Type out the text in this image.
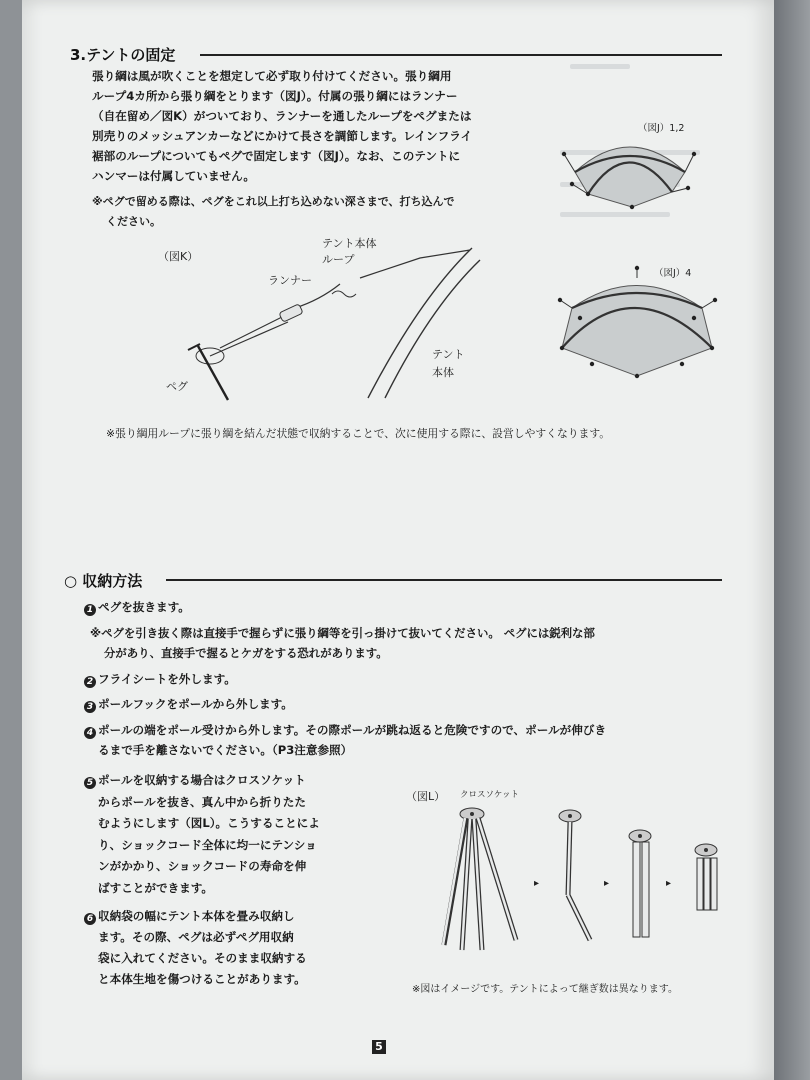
3.テントの固定
張り綱は風が吹くことを想定して必ず取り付けてください。張り綱用
ループ4カ所から張り綱をとります（図J）。付属の張り綱にはランナー
（自在留め／図K）がついており、ランナーを通したループをペグまたは
別売りのメッシュアンカーなどにかけて長さを調節します。レインフライ
裾部のループについてもペグで固定します（図J）。なお、このテントに
ハンマーは付属していません。
※ペグで留める際は、ペグをこれ以上打ち込めない深さまで、打ち込んで
ください。
（図J）1,2
（図J）4
（図K）
テント本体
ループ
ランナー
ペグ
テント
本体
※張り綱用ループに張り綱を結んだ状態で収納することで、次に使用する際に、設営しやすくなります。
○ 収納方法
1 ペグを抜きます。
※ペグを引き抜く際は直接手で握らずに張り綱等を引っ掛けて抜いてください。 ペグには鋭利な部
分があり、直接手で握るとケガをする恐れがあります。
2 フライシートを外します。
3 ポールフックをポールから外します。
4 ポールの端をポール受けから外します。その際ポールが跳ね返ると危険ですので、ポールが伸びき
るまで手を離さないでください。（P3注意参照）
5 ポールを収納する場合はクロスソケット
からポールを抜き、真ん中から折りたた
むようにします（図L）。こうすることによ
り、ショックコード全体に均一にテンショ
ンがかかり、ショックコードの寿命を伸
ばすことができます。
6 収納袋の幅にテント本体を畳み収納し
ます。その際、ペグは必ずペグ用収納
袋に入れてください。そのまま収納する
と本体生地を傷つけることがあります。
（図L） クロスソケット
▸	▸	▸
※図はイメージです。テントによって継ぎ数は異なります。
5
